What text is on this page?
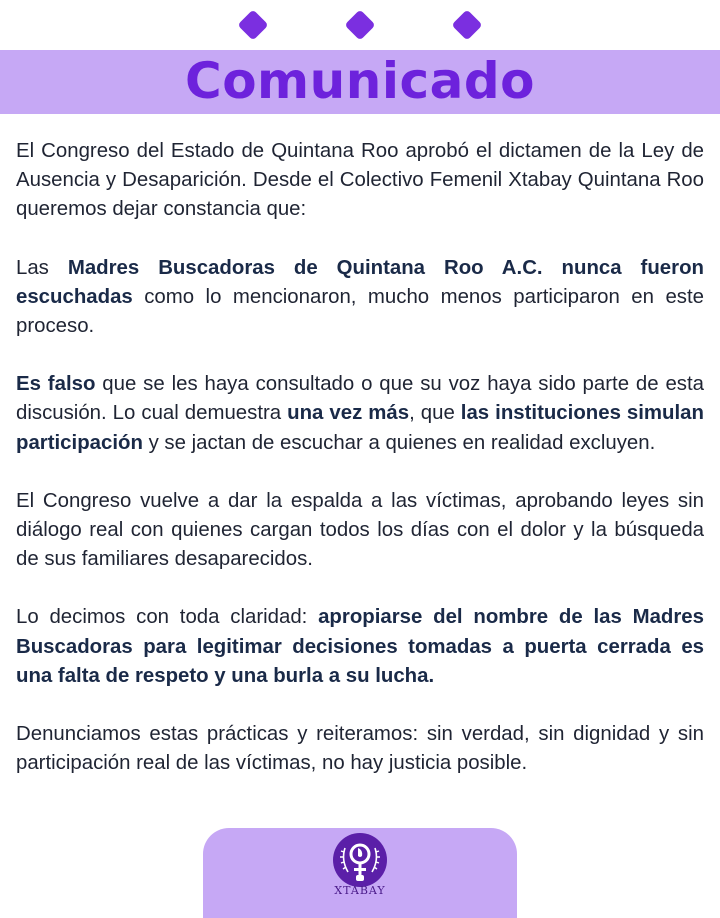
Comunicado

El Congreso del Estado de Quintana Roo aprobó el dictamen de la Ley de Ausencia y Desaparición. Desde el Colectivo Femenil Xtabay Quintana Roo queremos dejar constancia que:

Las Madres Buscadoras de Quintana Roo A.C. nunca fueron escuchadas como lo mencionaron, mucho menos participaron en este proceso.

Es falso que se les haya consultado o que su voz haya sido parte de esta discusión. Lo cual demuestra una vez más, que las instituciones simulan participación y se jactan de escuchar a quienes en realidad excluyen.

El Congreso vuelve a dar la espalda a las víctimas, aprobando leyes sin diálogo real con quienes cargan todos los días con el dolor y la búsqueda de sus familiares desaparecidos.

Lo decimos con toda claridad: apropiarse del nombre de las Madres Buscadoras para legitimar decisiones tomadas a puerta cerrada es una falta de respeto y una burla a su lucha.

Denunciamos estas prácticas y reiteramos: sin verdad, sin dignidad y sin participación real de las víctimas, no hay justicia posible.

XTABAY
